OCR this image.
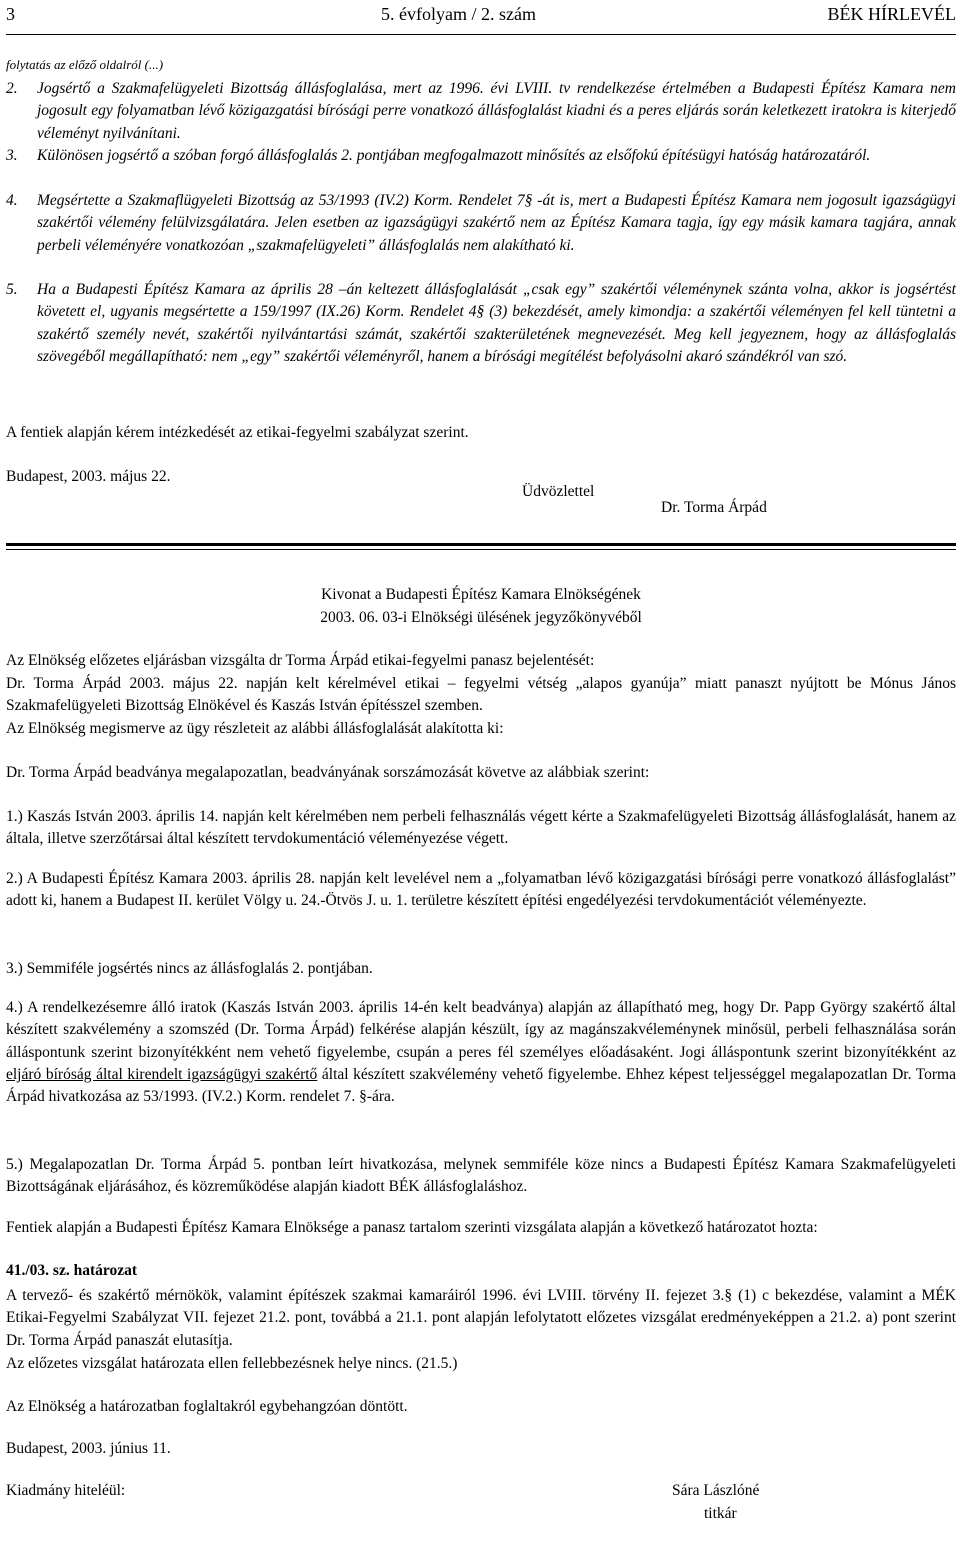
3	5. évfolyam / 2. szám	BÉK HÍRLEVÉL
folytatás az előző oldalról (...)
2. Jogsértő a Szakmafelügyeleti Bizottság állásfoglalása, mert az 1996. évi LVIII. tv rendelkezése értelmében a Budapesti Építész Kamara nem jogosult egy folyamatban lévő közigazgatási bírósági perre vonatkozó állásfoglalást kiadni és a peres eljárás során keletkezett iratokra is kiterjedő véleményt nyilvánítani.
3. Különösen jogsértő a szóban forgó állásfoglalás 2. pontjában megfogalmazott minősítés az elsőfokú építésügyi hatóság határozatáról.
4. Megsértette a Szakmaflügyeleti Bizottság az 53/1993 (IV.2) Korm. Rendelet 7§ -át is, mert a Budapesti Építész Kamara nem jogosult igazságügyi szakértői vélemény felülvizsgálatára. Jelen esetben az igazságügyi szakértő nem az Építész Kamara tagja, így egy másik kamara tagjára, annak perbeli véleményére vonatkozóan „szakmafelügyeleti” állásfoglalás nem alakítható ki.
5. Ha a Budapesti Építész Kamara az április 28 –án keltezett állásfoglalását „csak egy” szakértői véleménynek szánta volna, akkor is jogsértést követett el, ugyanis megsértette a 159/1997 (IX.26) Korm. Rendelet 4§ (3) bekezdését, amely kimondja: a szakértői véleményen fel kell tüntetni a szakértő személy nevét, szakértői nyilvántartási számát, szakértői szakterületének megnevezését. Meg kell jegyeznem, hogy az állásfoglalás szövegéből megállapítható: nem „egy” szakértői véleményről, hanem a bírósági megítélést befolyásolni akaró szándékról van szó.
A fentiek alapján kérem intézkedését az etikai-fegyelmi szabályzat szerint.
Budapest, 2003. május 22.
Üdvözlettel
Dr. Torma Árpád
Kivonat a Budapesti Építész Kamara Elnökségének
2003. 06. 03-i Elnökségi ülésének jegyzőkönyvéből
Az Elnökség előzetes eljárásban vizsgálta dr Torma Árpád etikai-fegyelmi panasz bejelentését:
Dr. Torma Árpád 2003. május 22. napján kelt kérelmével etikai – fegyelmi vétség „alapos gyanúja” miatt panaszt nyújtott be Mónus János Szakmafelügyeleti Bizottság Elnökével és Kaszás István építésszel szemben.
Az Elnökség megismerve az ügy részleteit az alábbi állásfoglalását alakította ki:
Dr. Torma Árpád beadványa megalapozatlan, beadványának sorszámozását követve az alábbiak szerint:
1.) Kaszás István 2003. április 14. napján kelt kérelmében nem perbeli felhasználás végett kérte a Szakmafelügyeleti Bizottság állásfoglalását, hanem az általa, illetve szerzőtársai által készített tervdokumentáció véleményezése végett.
2.) A Budapesti Építész Kamara 2003. április 28. napján kelt levelével nem a „folyamatban lévő közigazgatási bírósági perre vonatkozó állásfoglalást” adott ki, hanem a Budapest II. kerület Völgy u. 24.-Ötvös J. u. 1. területre készített építési engedélyezési tervdokumentációt véleményezte.
3.) Semmiféle jogsértés nincs az állásfoglalás 2. pontjában.
4.) A rendelkezésemre álló iratok (Kaszás István 2003. április 14-én kelt beadványa) alapján az állapítható meg, hogy Dr. Papp György szakértő által készített szakvélemény a szomszéd (Dr. Torma Árpád) felkérése alapján készült, így az magánszakvéleménynek minősül, perbeli felhasználása során álláspontunk szerint bizonyítékként nem vehető figyelembe, csupán a peres fél személyes előadásaként. Jogi álláspontunk szerint bizonyítékként az eljáró bíróság által kirendelt igazságügyi szakértő által készített szakvélemény vehető figyelembe. Ehhez képest teljességgel megalapozatlan Dr. Torma Árpád hivatkozása az 53/1993. (IV.2.) Korm. rendelet 7. §-ára.
5.) Megalapozatlan Dr. Torma Árpád 5. pontban leírt hivatkozása, melynek semmiféle köze nincs a Budapesti Építész Kamara Szakmafelügyeleti Bizottságának eljárásához, és közreműködése alapján kiadott BÉK állásfoglaláshoz.
Fentiek alapján a Budapesti Építész Kamara Elnöksége a panasz tartalom szerinti vizsgálata alapján a következő határozatot hozta:
41./03. sz. határozat
A tervező- és szakértő mérnökök, valamint építészek szakmai kamaráiról 1996. évi LVIII. törvény II. fejezet 3.§ (1) c bekezdése, valamint a MÉK Etikai-Fegyelmi Szabályzat VII. fejezet 21.2. pont, továbbá a 21.1. pont alapján lefolytatott előzetes vizsgálat eredményeképpen a 21.2. a) pont szerint Dr. Torma Árpád panaszát elutasítja.
Az előzetes vizsgálat határozata ellen fellebbezésnek helye nincs. (21.5.)
Az Elnökség a határozatban foglaltakról egybehangzóan döntött.
Budapest, 2003. június 11.
Kiadmány hiteléül:	Sára Lászlóné
titkár
